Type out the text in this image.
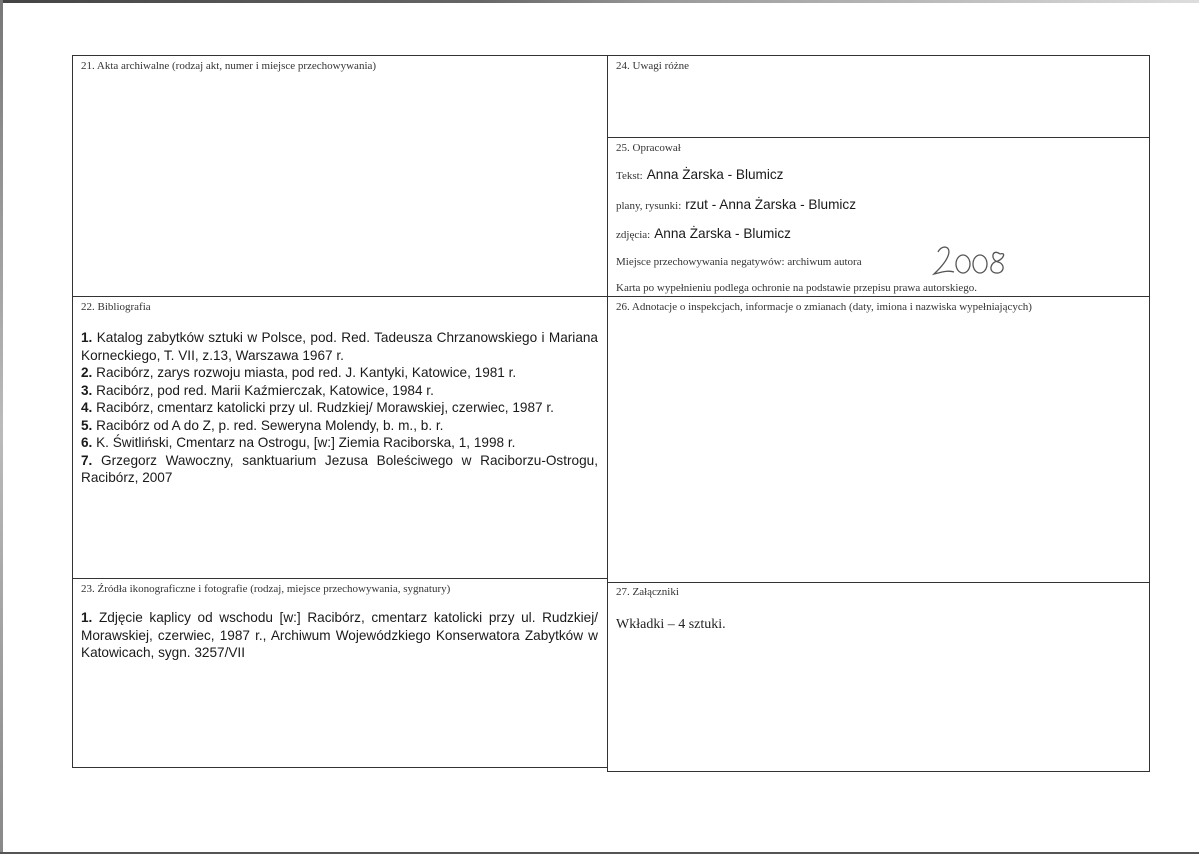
21. Akta archiwalne (rodzaj akt, numer i miejsce przechowywania)
22. Bibliografia

1. Katalog zabytków sztuki w Polsce, pod. Red. Tadeusza Chrzanowskiego i Mariana Korneckiego, T. VII, z.13, Warszawa 1967 r.

2. Racibórz, zarys rozwoju miasta, pod red. J. Kantyki, Katowice, 1981 r.

3. Racibórz, pod red. Marii Kaźmierczak, Katowice, 1984 r.

4. Racibórz, cmentarz katolicki przy ul. Rudzkiej/ Morawskiej, czerwiec, 1987 r.

5. Racibórz od A do Z, p. red. Seweryna Molendy, b. m., b. r.

6. K. Świtliński, Cmentarz na Ostrogu, [w:] Ziemia Raciborska, 1, 1998 r.

7. Grzegorz Wawoczny, sanktuarium Jezusa Boleściwego w Raciborzu-Ostrogu, Racibórz, 2007

23. Źródła ikonograficzne i fotografie (rodzaj, miejsce przechowywania, sygnatury)

1. Zdjęcie kaplicy od wschodu [w:] Racibórz, cmentarz katolicki przy ul. Rudzkiej/ Morawskiej, czerwiec, 1987 r., Archiwum Wojewódzkiego Konserwatora Zabytków w Katowicach, sygn. 3257/VII

24. Uwagi różne
25. Opracował
Tekst: Anna Żarska - Blumicz
plany, rysunki: rzut - Anna Żarska - Blumicz
zdjęcia: Anna Żarska - Blumicz
Miejsce przechowywania negatywów: archiwum autora
Karta po wypełnieniu podlega ochronie na podstawie przepisu prawa autorskiego.
26. Adnotacje o inspekcjach, informacje o zmianach (daty, imiona i nazwiska wypełniających)
27. Załączniki
Wkładki – 4 sztuki.
